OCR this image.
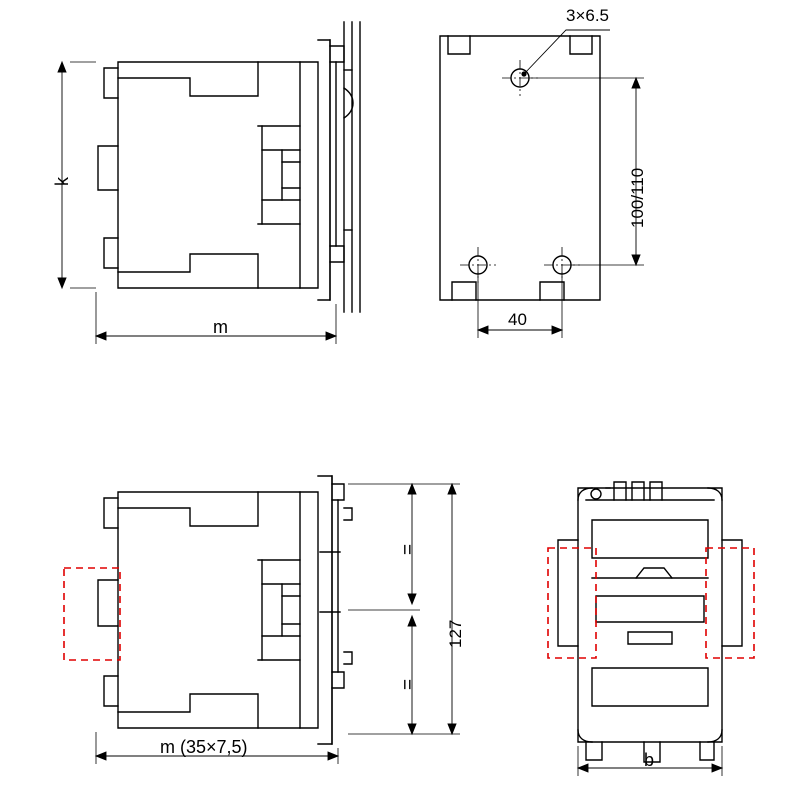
k
m
3×6.5
100/110
40
127
m (35×7,5)
=
=
b
